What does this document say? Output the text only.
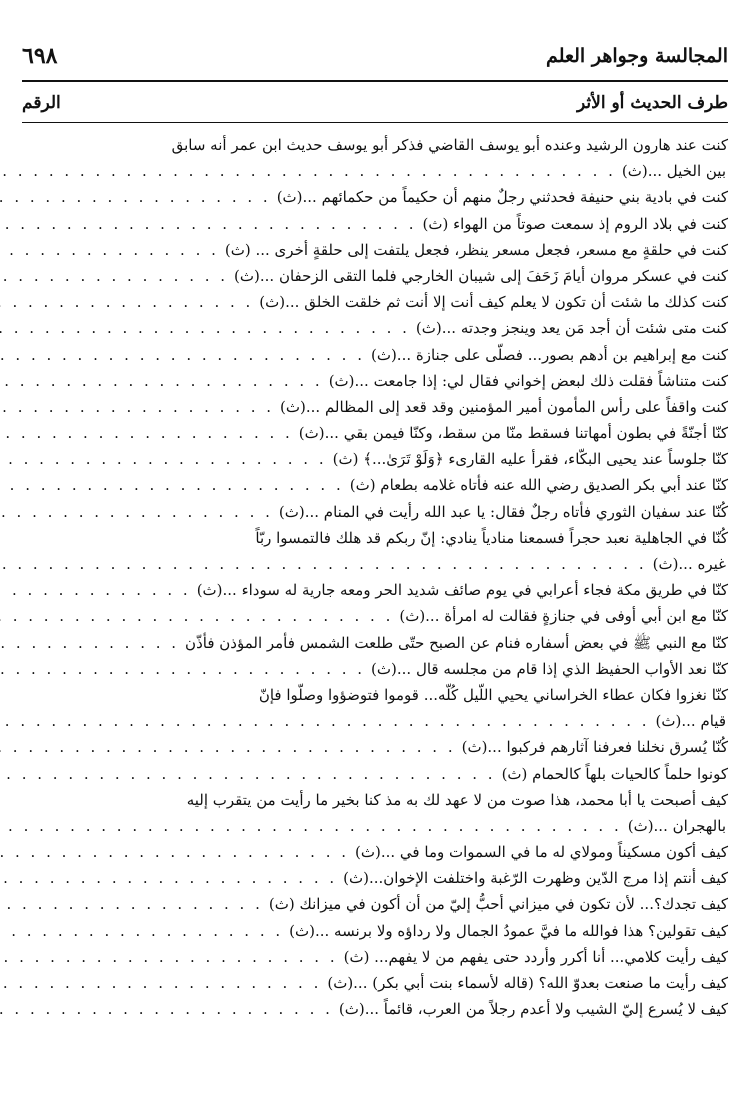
المجالسة وجواهر العلم
٦٩٨
طرف الحديث أو الأثر
الرقم
كنت عند هارون الرشيد وعنده أبو يوسف القاضي فذكر أبو يوسف حديث ابن عمر أنه سابق
بين الخيل ...(ث)
. . .
كنت في بادية بني حنيفة فحدثني رجلٌ منهم أن حكيماً من حكمائهم ...(ث)
. . .
كنت في بلاد الروم إذ سمعت صوتاً من الهواء (ث)
. . .
كنت في حلقةٍ مع مسعر، فجعل مسعر ينظر، فجعل يلتفت إلى حلقةٍ أخرى ... (ث)
. . .
كنت في عسكر مروان أيامَ زَحَفَ إلى شيبان الخارجي فلما التقى الزحفان ...(ث)
. . .
كنت كذلك ما شئت أن تكون لا يعلم كيف أنت إلا أنت ثم خلقت الخلق ...(ث)
. . .
كنت متى شئت أن أجد مَن يعد وينجز وجدته ...(ث)
. . .
كنت مع إبراهيم بن أدهم بصور... فصلّى على جنازة ...(ث)
. . .
كنت متناشاً فقلت ذلك لبعض إخواني فقال لي: إذا جامعت ...(ث)
. . .
كنت واقفاً على رأس المأمون أمير المؤمنين وقد قعد إلى المظالم ...(ث)
. . .
كنّا أجنّةً في بطون أمهاتنا فسقط منّا من سقط، وكنّا فيمن بقي ...(ث)
. . .
كنّا جلوساً عند يحيى البكّاء، فقرأ عليه القارىء ﴿وَلَوْ تَرَىٰ...﴾ (ث)
. . .
كنّا عند أبي بكر الصديق رضي الله عنه فأتاه غلامه بطعام (ث)
. . .
كُنّا عند سفيان الثوري فأتاه رجلٌ فقال: يا عبد الله رأيت في المنام ...(ث)
. . .
كُنّا في الجاهلية نعبد حجراً فسمعنا منادياً ينادي: إنّ ربكم قد هلك فالتمسوا ربّاً
غيره ...(ث)
. . .
كنّا في طريق مكة فجاء أعرابي في يوم صائف شديد الحر ومعه جارية له سوداء ...(ث)
. . .
كنّا مع ابن أبي أوفى في جنازةٍ فقالت له امرأة ...(ث)
. . .
كنّا مع النبي ﷺ في بعض أسفاره فنام عن الصبح حتّى طلعت الشمس فأمر المؤذن فأذّن
. . .
كنّا نعد الأواب الحفيظ الذي إذا قام من مجلسه قال ...(ث)
. . .
كنّا نغزوا فكان عطاء الخراساني يحيي اللّيل كُلّه... قوموا فتوضؤوا وصلّوا فإنّ
قيام ...(ث)
. . .
كُنّا يُسرق نخلنا فعرفنا آثارهم فركبوا ...(ث)
. . .
كونوا حلماً كالحيات بلهاً كالحمام (ث)
. . .
كيف أصبحت يا أبا محمد، هذا صوت من لا عهد لك به مذ كنا بخير ما رأيت من يتقرب إليه
بالهجران ...(ث)
. . .
كيف أكون مسكيناً ومولاي له ما في السموات وما في ...(ث)
. . .
كيف أنتم إذا مرج الدّين وظهرت الرّغبة واختلفت الإخوان...(ث)
. . .
كيف تجدك؟... لأن تكون في ميزاني أحبُّ إليّ من أن أكون في ميزانك (ث)
. . .
كيف تقولين؟ هذا فوالله ما فيَّ عمودُ الجمال ولا رداؤه ولا برنسه ...(ث)
. . .
كيف رأيت كلامي... أنا أكرر وأردد حتى يفهم من لا يفهم... (ث)
. . .
كيف رأيت ما صنعت بعدوّ الله؟ (قاله لأسماء بنت أبي بكر) ...(ث)
. . .
كيف لا يُسرع إليّ الشيب ولا أعدم رجلاً من العرب، قائماً ...(ث)
. . .
